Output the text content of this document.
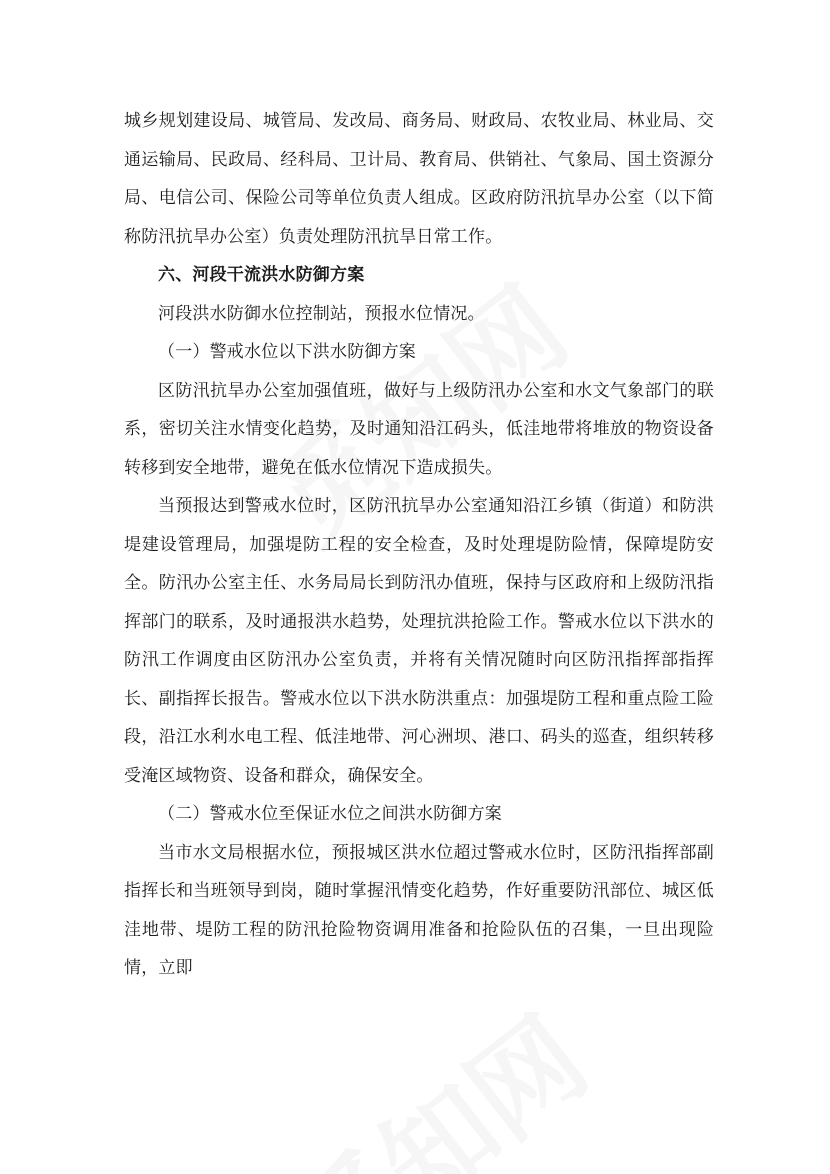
城乡规划建设局、城管局、发改局、商务局、财政局、农牧业局、林业局、交通运输局、民政局、经科局、卫计局、教育局、供销社、气象局、国土资源分局、电信公司、保险公司等单位负责人组成。区政府防汛抗旱办公室（以下简称防汛抗旱办公室）负责处理防汛抗旱日常工作。

六、河段干流洪水防御方案

河段洪水防御水位控制站，预报水位情况。

（一）警戒水位以下洪水防御方案

区防汛抗旱办公室加强值班，做好与上级防汛办公室和水文气象部门的联系，密切关注水情变化趋势，及时通知沿江码头，低洼地带将堆放的物资设备转移到安全地带，避免在低水位情况下造成损失。

当预报达到警戒水位时，区防汛抗旱办公室通知沿江乡镇（街道）和防洪堤建设管理局，加强堤防工程的安全检查，及时处理堤防险情，保障堤防安全。防汛办公室主任、水务局局长到防汛办值班，保持与区政府和上级防汛指挥部门的联系，及时通报洪水趋势，处理抗洪抢险工作。警戒水位以下洪水的防汛工作调度由区防汛办公室负责，并将有关情况随时向区防汛指挥部指挥长、副指挥长报告。警戒水位以下洪水防洪重点：加强堤防工程和重点险工险段，沿江水利水电工程、低洼地带、河心洲坝、港口、码头的巡查，组织转移受淹区域物资、设备和群众，确保安全。

（二）警戒水位至保证水位之间洪水防御方案

当市水文局根据水位，预报城区洪水位超过警戒水位时，区防汛指挥部副指挥长和当班领导到岗，随时掌握汛情变化趋势，作好重要防汛部位、城区低洼地带、堤防工程的防汛抢险物资调用准备和抢险队伍的召集，一旦出现险情，立即
